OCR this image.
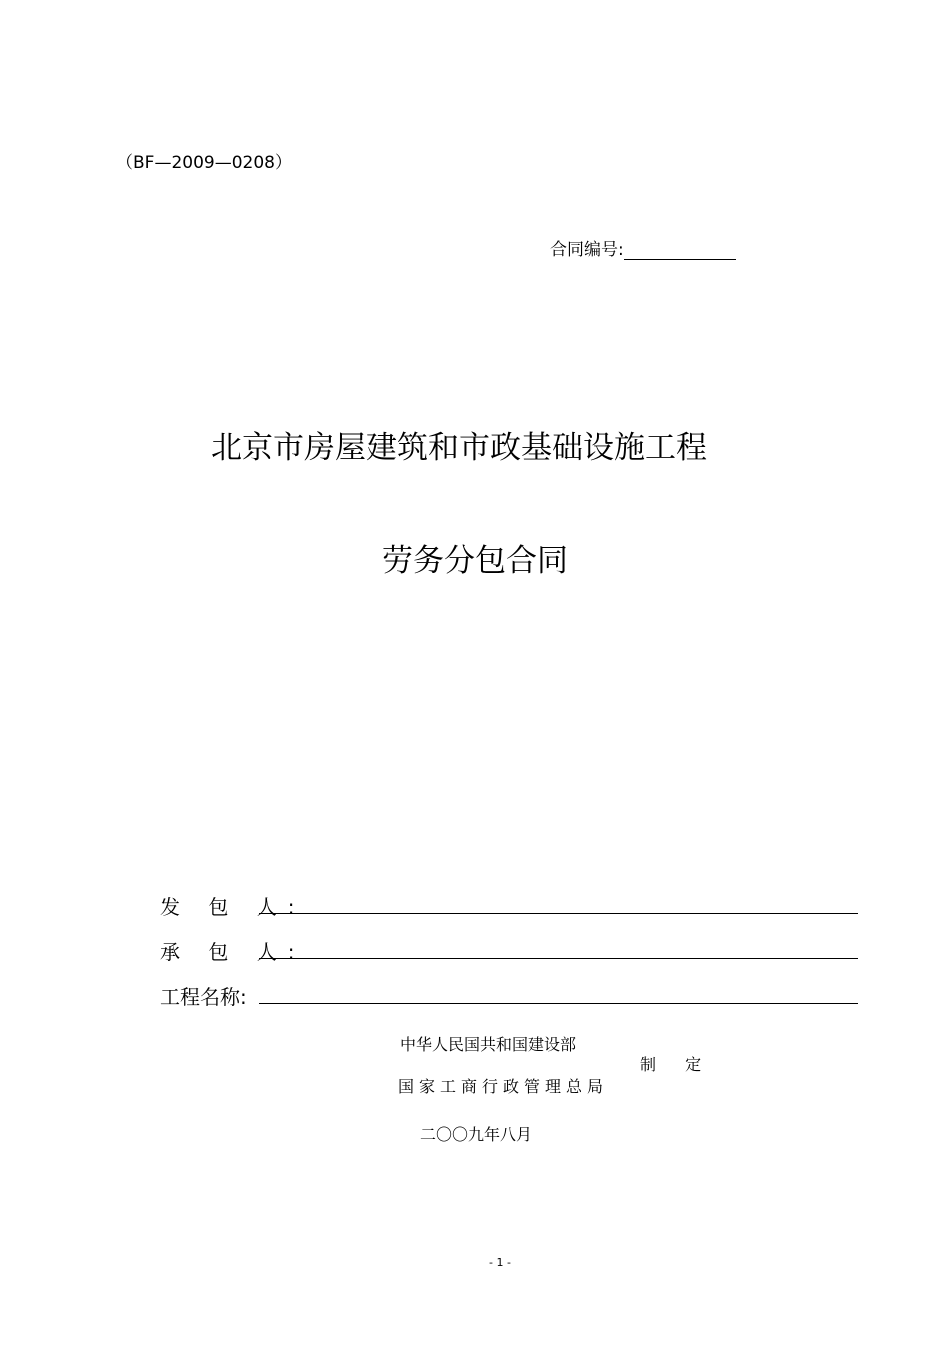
（BF—2009—0208）
合同编号:
北京市房屋建筑和市政基础设施工程
劳务分包合同
发 包 人:
承 包 人:
工程名称:
中华人民国共和国建设部
国家工商行政管理总局
制 定
二〇〇九年八月
- 1 -
